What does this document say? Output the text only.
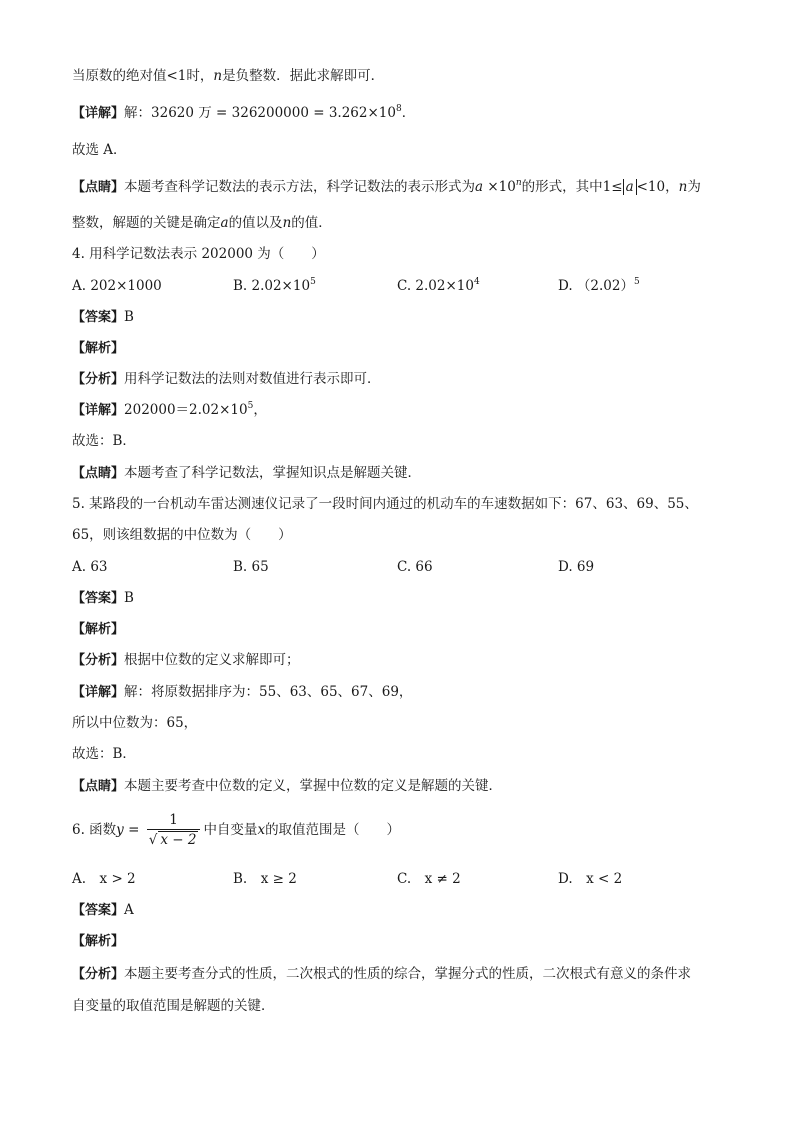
当原数的绝对值<1时，n是负整数．据此求解即可．
【详解】解：32620 万 = $326200000 = 3.262\times 10^8$．
故选 A．
【点睛】本题考查科学记数法的表示方法，科学记数法的表示形式为$a \times 10^n$的形式，其中1≤ a <10，n为
整数，解题的关键是确定a的值以及n的值．
4. 用科学记数法表示 202000 为（　　）
A. 202×1000	B. $2.02\times 10^5$	C. $2.02\times 10^4$	D. $(2.02)^5$
【答案】B
【解析】
【分析】用科学记数法的法则对数值进行表示即可．
【详解】$202000=2.02\times 10^5$，
故选：B．
【点睛】本题考查了科学记数法，掌握知识点是解题关键．
5. 某路段的一台机动车雷达测速仪记录了一段时间内通过的机动车的车速数据如下：67、63、69、55、
65，则该组数据的中位数为（　　）
A. 63	B. 65	C. 66	D. 69
【答案】B
【解析】
【分析】根据中位数的定义求解即可；
【详解】解：将原数据排序为：55、63、65、67、69，
所以中位数为：65，
故选：B．
【点睛】本题主要考查中位数的定义，掌握中位数的定义是解题的关键．
6. 函数$y = \frac{1}{√ x - 2}$ 中自变量x的取值范围是（　　）
A.　x > 2	B.　x ≥ 2	C.　x ≠ 2	D.　x < 2
【答案】A
【解析】
【分析】本题主要考查分式的性质，二次根式的性质的综合，掌握分式的性质，二次根式有意义的条件求
自变量的取值范围是解题的关键．
